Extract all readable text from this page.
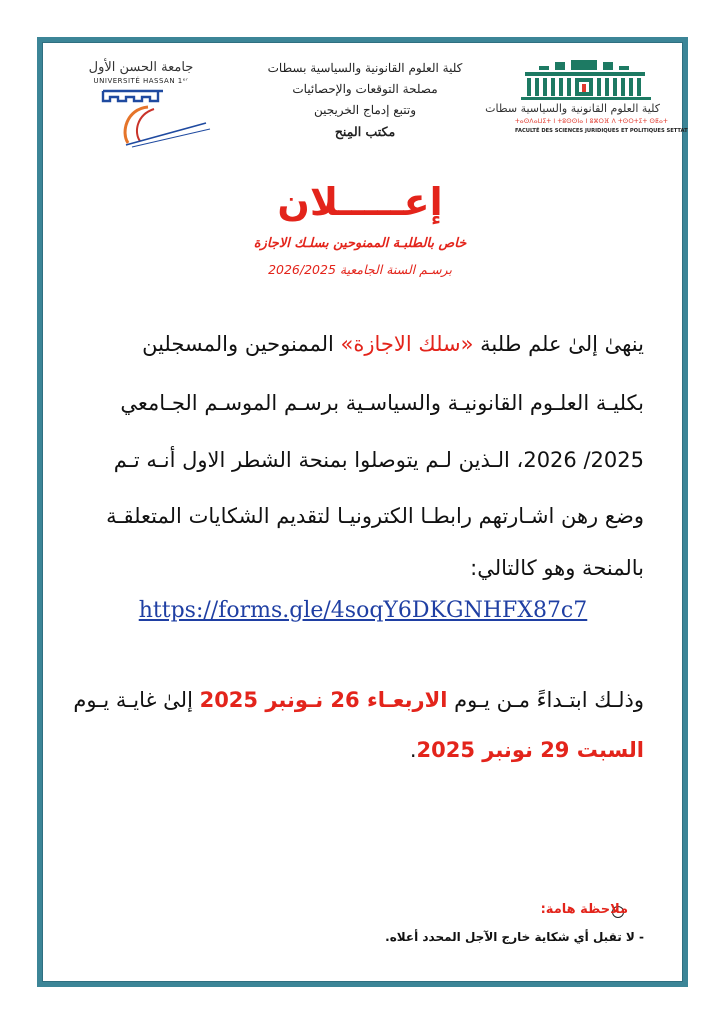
جامعة الحسن الأول
UNIVERSITÉ HASSAN 1ᵉʳ
كلية العلوم القانونية والسياسية بسطات
مصلحة التوقعات والإحصائيات
وتتبع إدماج الخريجين
مكتب المِنح
كلية العلوم القانونية والسياسية سطات
ⵜⴰⵙⴷⴰⵡⵉⵜ ⵏ ⵜⵓⵙⵙⵏⴰ ⵏ ⵓⵣⵔⴼ ⴷ ⵜⵙⵔⵜⵉⵜ ⵙⵟⴰⵜ
FACULTÉ DES SCIENCES JURIDIQUES ET POLITIQUES SETTAT
إعـــــلان
خاص بالطلبـة الممنوحين بسلـك الاجازة
برسـم السنة الجامعية 2026/2025
ينهىٰ إلىٰ علم طلبة «سلك الاجازة» الممنوحين والمسجلين
بكليـة العلـوم القانونيـة والسياسـية برسـم الموسـم الجـامعي
2025/ 2026، الـذين لـم يتوصلوا بمنحة الشطر الاول أنـه تـم
وضع رهن اشـارتهم رابطـا الكترونيـا لتقديم الشكايات المتعلقـة
بالمنحة وهو كالتالي:
https://forms.gle/4soqY6DKGNHFX87c7
وذلـك ابتـداءً مـن يـوم الاربعـاء 26 نـونبر 2025 إلىٰ غايـة يـوم
السبت 29 نونبر 2025.
ملاحظة هامة:
- لا تقبل أي شكاية خارج الآجل المحدد أعلاه.
